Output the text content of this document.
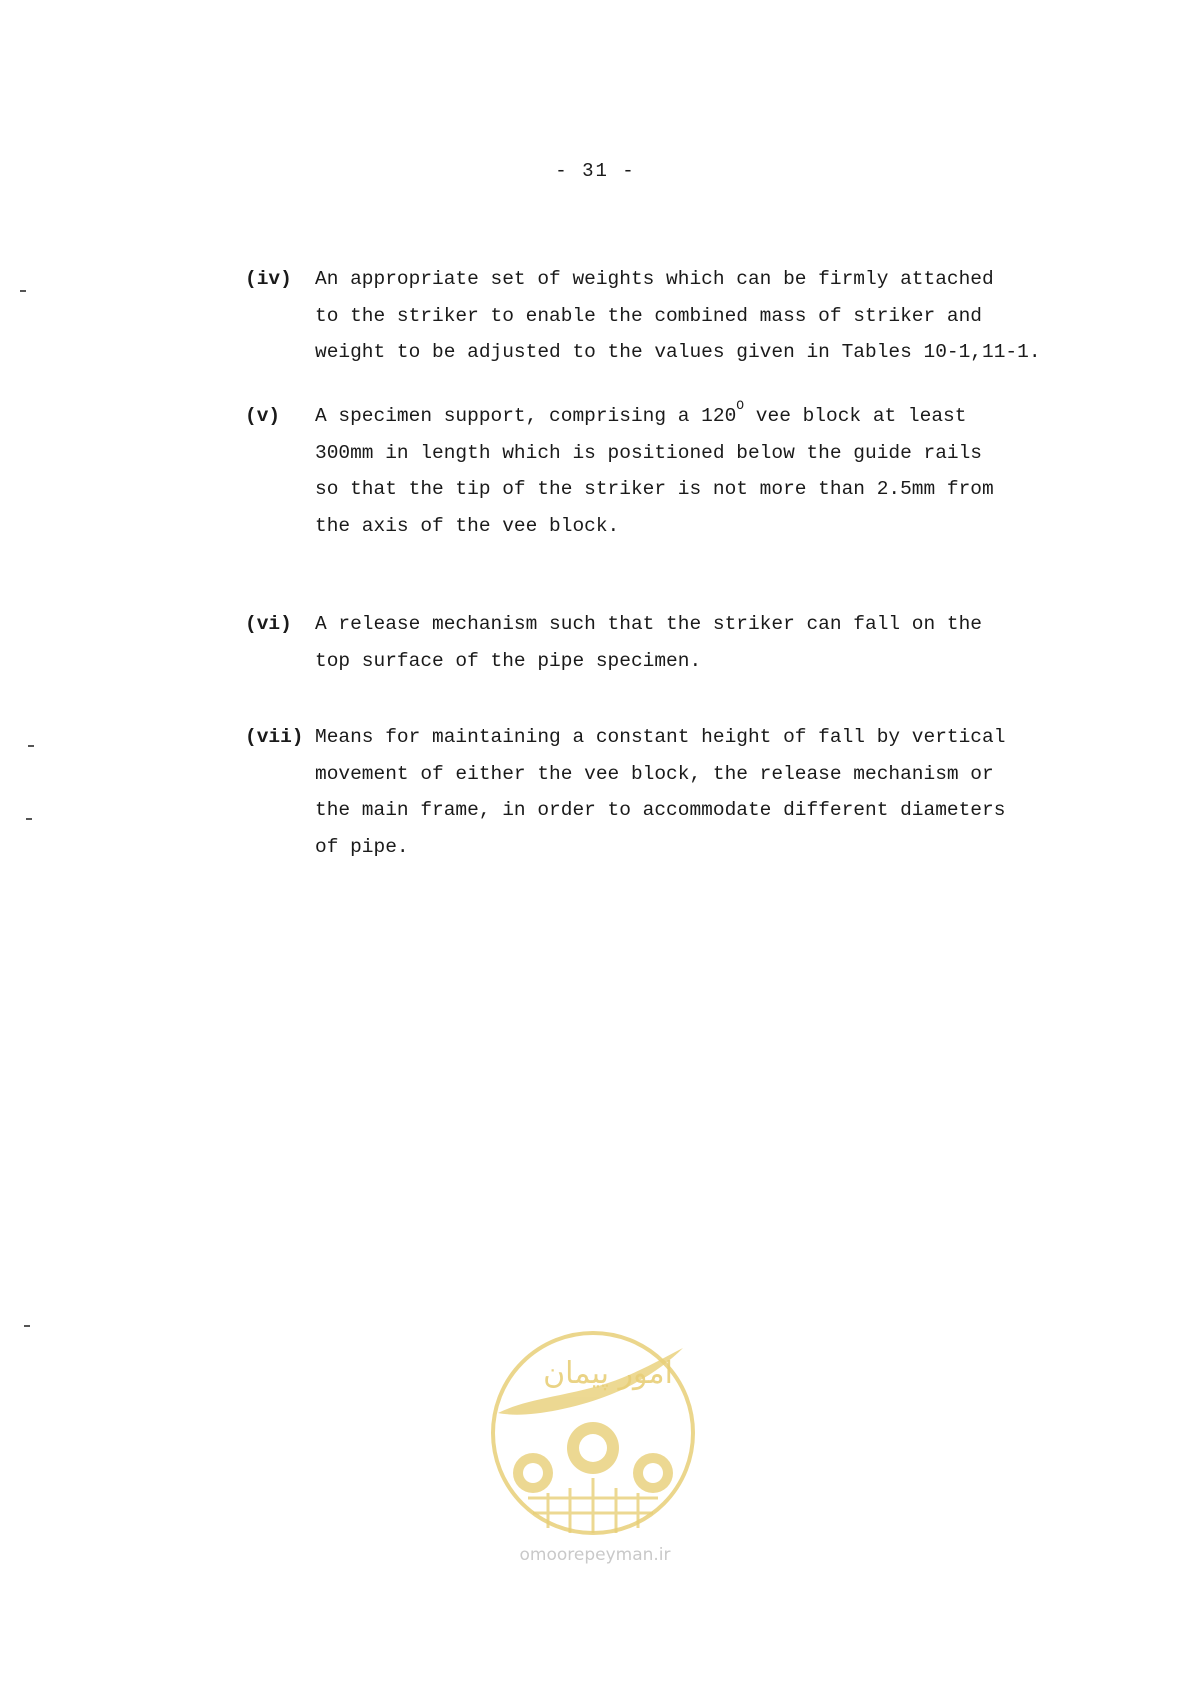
- 31 -
(iv) An appropriate set of weights which can be firmly attached
to the striker to enable the combined mass of striker and
weight to be adjusted to the values given in Tables 10-1,11-1.
(v) A specimen support, comprising a $120^O$ vee block at least
300mm in length which is positioned below the guide rails
so that the tip of the striker is not more than 2.5mm from
the axis of the vee block.
(vi) A release mechanism such that the striker can fall on the
top surface of the pipe specimen.
(vii) Means for maintaining a constant height of fall by vertical
movement of either the vee block, the release mechanism or
the main frame, in order to accommodate different diameters
of pipe.
امور پیمان
omoorepeyman.ir
